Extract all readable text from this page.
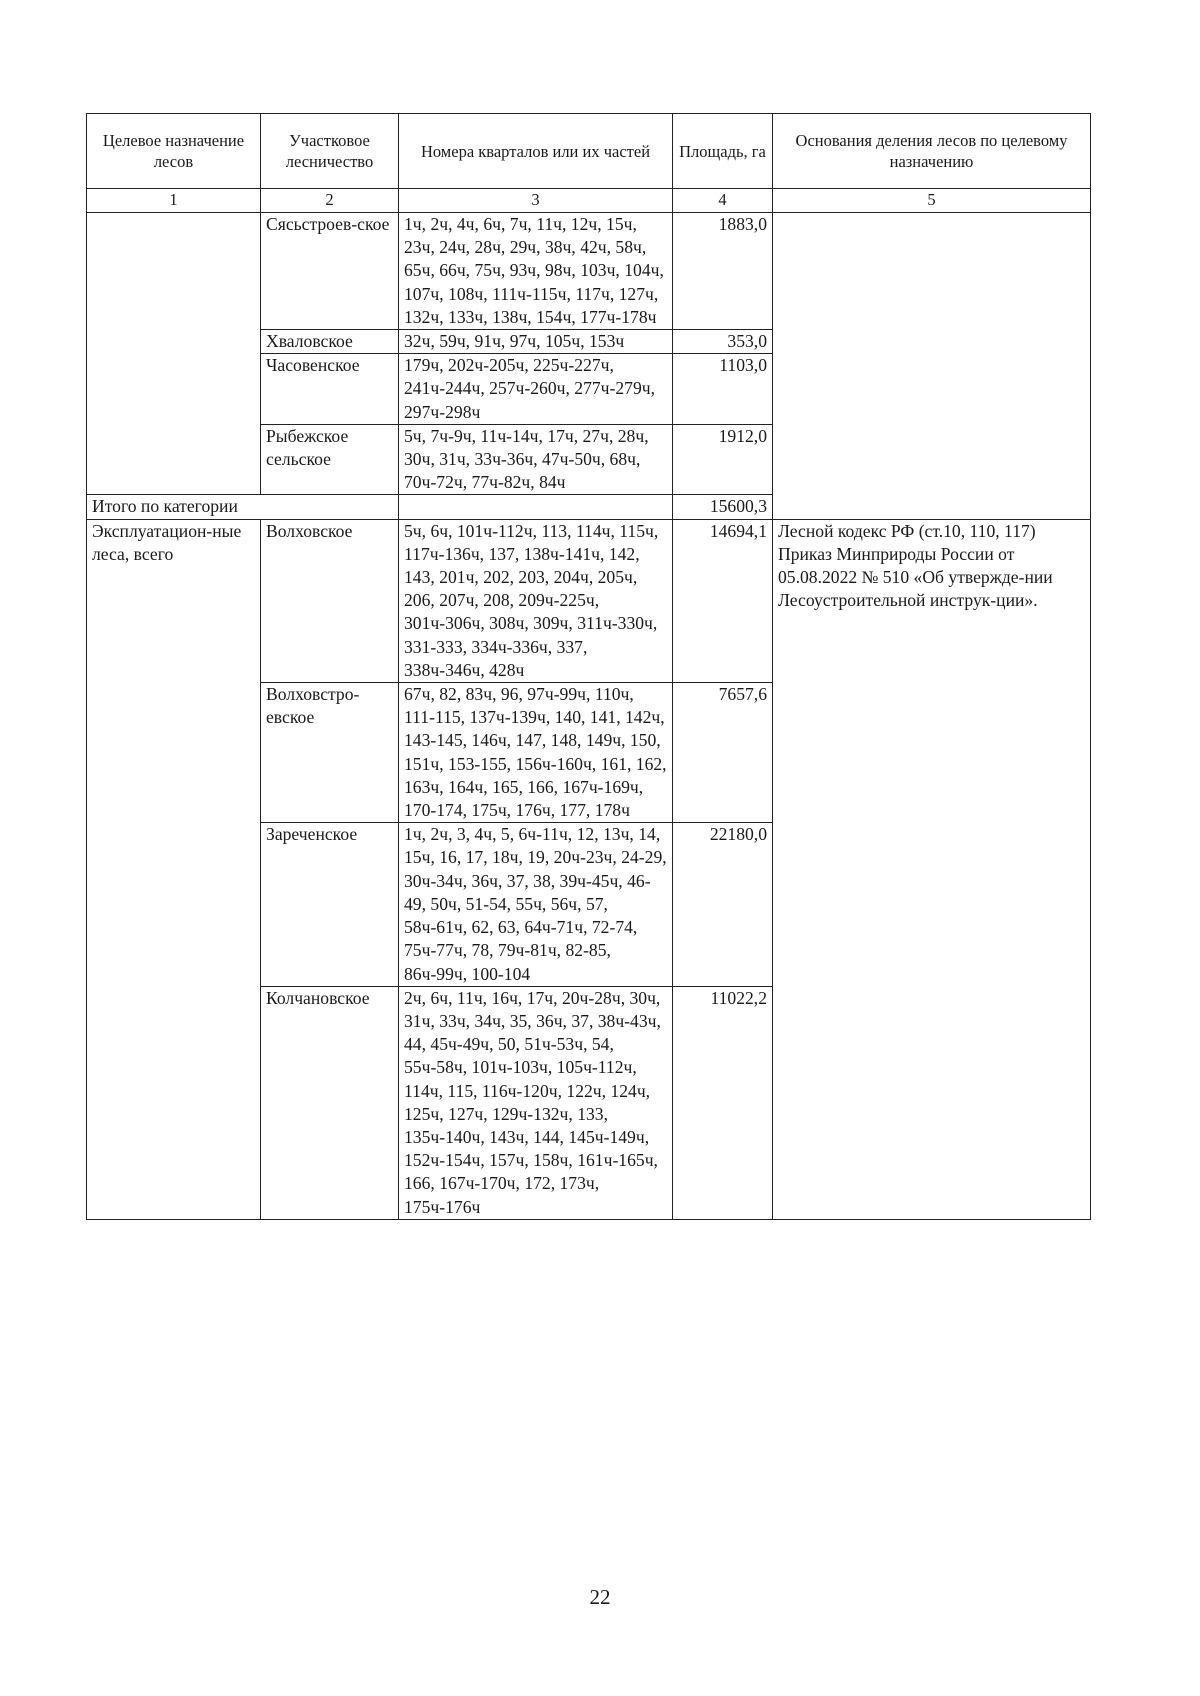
Целевое назначение лесов	Участковое лесничество	Номера кварталов или их частей	Площадь, га	Основания деления лесов по целевому назначению
1	2	3	4	5
	Сясьстроев-ское	1ч, 2ч, 4ч, 6ч, 7ч, 11ч, 12ч, 15ч, 23ч, 24ч, 28ч, 29ч, 38ч, 42ч, 58ч, 65ч, 66ч, 75ч, 93ч, 98ч, 103ч, 104ч, 107ч, 108ч, 111ч-115ч, 117ч, 127ч, 132ч, 133ч, 138ч, 154ч, 177ч-178ч	1883,0	
	Хваловское	32ч, 59ч, 91ч, 97ч, 105ч, 153ч	353,0	
	Часовенское	179ч, 202ч-205ч, 225ч-227ч, 241ч-244ч, 257ч-260ч, 277ч-279ч, 297ч-298ч	1103,0	
	Рыбежское сельское	5ч, 7ч-9ч, 11ч-14ч, 17ч, 27ч, 28ч, 30ч, 31ч, 33ч-36ч, 47ч-50ч, 68ч, 70ч-72ч, 77ч-82ч, 84ч	1912,0	
Итого по категории			15600,3	
Эксплуатацион-ные леса, всего	Волховское	5ч, 6ч, 101ч-112ч, 113, 114ч, 115ч, 117ч-136ч, 137, 138ч-141ч, 142, 143, 201ч, 202, 203, 204ч, 205ч, 206, 207ч, 208, 209ч-225ч, 301ч-306ч, 308ч, 309ч, 311ч-330ч, 331-333, 334ч-336ч, 337, 338ч-346ч, 428ч	14694,1	Лесной кодекс РФ (ст.10, 110, 117) Приказ Минприроды России от 05.08.2022 № 510 «Об утвержде-нии Лесоустроительной инструк-ции».
	Волховстро-евское	67ч, 82, 83ч, 96, 97ч-99ч, 110ч, 111-115, 137ч-139ч, 140, 141, 142ч, 143-145, 146ч, 147, 148, 149ч, 150, 151ч, 153-155, 156ч-160ч, 161, 162, 163ч, 164ч, 165, 166, 167ч-169ч, 170-174, 175ч, 176ч, 177, 178ч	7657,6	
	Зареченское	1ч, 2ч, 3, 4ч, 5, 6ч-11ч, 12, 13ч, 14, 15ч, 16, 17, 18ч, 19, 20ч-23ч, 24-29, 30ч-34ч, 36ч, 37, 38, 39ч-45ч, 46-49, 50ч, 51-54, 55ч, 56ч, 57, 58ч-61ч, 62, 63, 64ч-71ч, 72-74, 75ч-77ч, 78, 79ч-81ч, 82-85, 86ч-99ч, 100-104	22180,0	
	Колчановское	2ч, 6ч, 11ч, 16ч, 17ч, 20ч-28ч, 30ч, 31ч, 33ч, 34ч, 35, 36ч, 37, 38ч-43ч, 44, 45ч-49ч, 50, 51ч-53ч, 54, 55ч-58ч, 101ч-103ч, 105ч-112ч, 114ч, 115, 116ч-120ч, 122ч, 124ч, 125ч, 127ч, 129ч-132ч, 133, 135ч-140ч, 143ч, 144, 145ч-149ч, 152ч-154ч, 157ч, 158ч, 161ч-165ч, 166, 167ч-170ч, 172, 173ч, 175ч-176ч	11022,2	
22
